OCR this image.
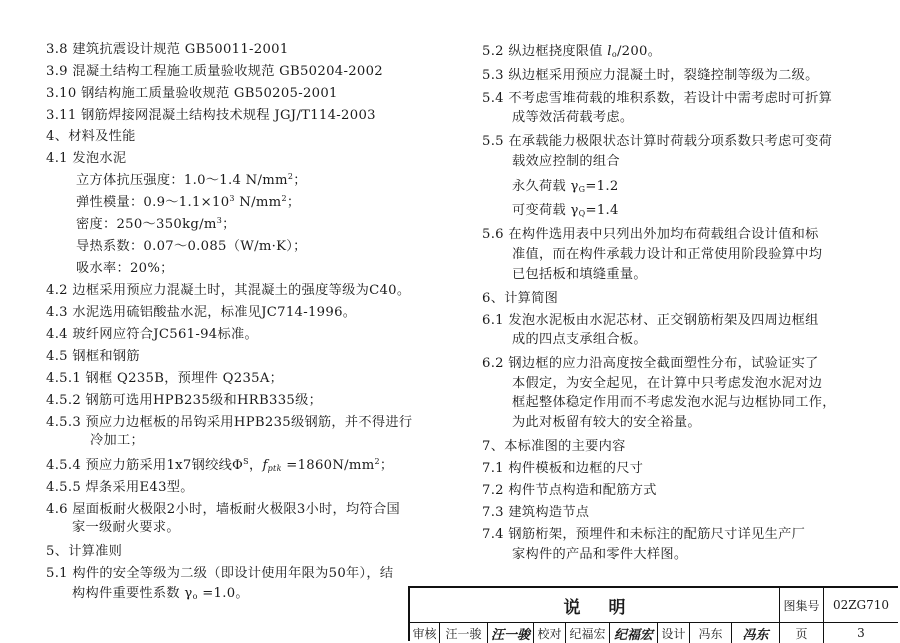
3.8 建筑抗震设计规范 GB50011-2001
3.9 混凝土结构工程施工质量验收规范 GB50204-2002
3.10 钢结构施工质量验收规范 GB50205-2001
3.11 钢筋焊接网混凝土结构技术规程 JGJ/T114-2003
4、材料及性能
4.1 发泡水泥
立方体抗压强度：1.0～1.4 $N/mm^2$；
弹性模量：$0.9\sim 1.1\times 10^3$ $N/mm^2$；
密度：$250\sim 350kg/m^3$；
导热系数：0.07～0.085（W/m·K）；
吸水率：20%；
4.2 边框采用预应力混凝土时，其混凝土的强度等级为C40。
4.3 水泥选用硫铝酸盐水泥，标准见JC714-1996。
4.4 玻纤网应符合JC561-94标准。
4.5 钢框和钢筋
4.5.1 钢框 Q235B，预埋件 Q235A；
4.5.2 钢筋可选用HPB235级和HRB335级；
4.5.3 预应力边框板的吊钩采用HPB235级钢筋，并不得进行
冷加工；
4.5.4 预应力筋采用1x7钢绞线$\Phi^S$，$f_{ptk} =1860N/mm^2$；
4.5.5 焊条采用E43型。
4.6 屋面板耐火极限2小时，墙板耐火极限3小时，均符合国
家一级耐火要求。
5、计算准则
5.1 构件的安全等级为二级（即设计使用年限为50年），结
构构件重要性系数 $\gamma_o =1.0$。
5.2 纵边框挠度限值 $l_o/200$。
5.3 纵边框采用预应力混凝土时，裂缝控制等级为二级。
5.4 不考虑雪堆荷载的堆积系数，若设计中需考虑时可折算
成等效活荷载考虑。
5.5 在承载能力极限状态计算时荷载分项系数只考虑可变荷
载效应控制的组合
永久荷载 $\gamma_G=1.2$
可变荷载 $\gamma_Q=1.4$
5.6 在构件选用表中只列出外加均布荷载组合设计值和标
准值，而在构件承载力设计和正常使用阶段验算中均
已包括板和填缝重量。
6、计算简图
6.1 发泡水泥板由水泥芯材、正交钢筋桁架及四周边框组
成的四点支承组合板。
6.2 钢边框的应力沿高度按全截面塑性分布，试验证实了
本假定，为安全起见，在计算中只考虑发泡水泥对边
框起整体稳定作用而不考虑发泡水泥与边框协同工作，
为此对板留有较大的安全裕量。
7、本标准图的主要内容
7.1 构件模板和边框的尺寸
7.2 构件节点构造和配筋方式
7.3 建筑构造节点
7.4 钢筋桁架，预埋件和未标注的配筋尺寸详见生产厂
家构件的产品和零件大样图。
说明	图集号 02ZG710
审核 汪一骏 汪一骏 校对 纪福宏 纪福宏 设计 冯东 冯东 页	3
